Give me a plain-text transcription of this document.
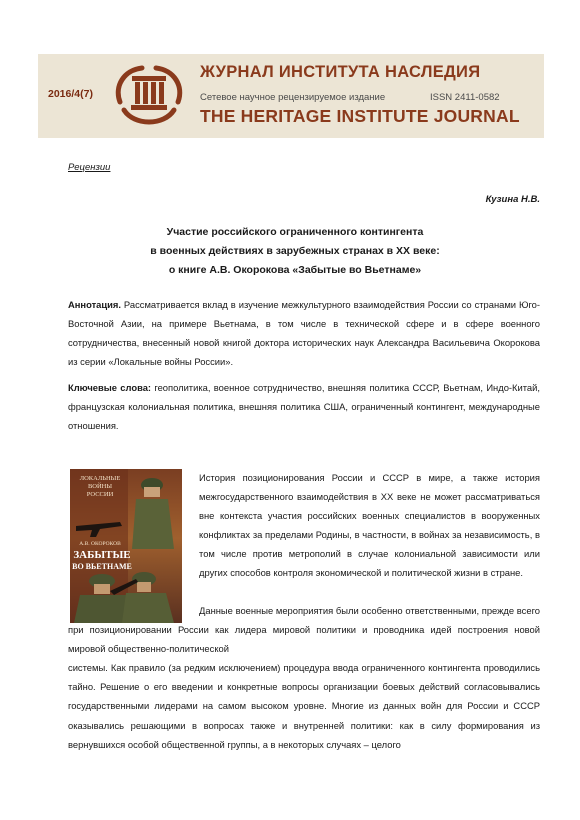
2016/4(7)
ЖУРНАЛ ИНСТИТУТА НАСЛЕДИЯ
Сетевое научное рецензируемое издание	ISSN 2411-0582
THE HERITAGE INSTITUTE JOURNAL
Рецензии
Кузина Н.В.
Участие российского ограниченного контингента
в военных действиях в зарубежных странах в XX веке:
о книге А.В. Окорокова «Забытые во Вьетнаме»
Аннотация. Рассматривается вклад в изучение межкультурного взаимодействия России со странами Юго-Восточной Азии, на примере Вьетнама, в том числе в технической сфере и в сфере военного сотрудничества, внесенный новой книгой доктора исторических наук Александра Васильевича Окорокова из серии «Локальные войны России».
Ключевые слова: геополитика, военное сотрудничество, внешняя политика СССР, Вьетнам, Индо-Китай, французская колониальная политика, внешняя политика США, ограниченный контингент, международные отношения.
ЛОКАЛЬНЫЕ ВОЙНЫ РОССИИ
А.В. ОКОРОКОВ
ЗАБЫТЫЕ
ВО ВЬЕТНАМЕ
История позиционирования России и СССР в мире, а также история межгосударственного взаимодействия в XX веке не может рассматриваться вне контекста участия российских военных специалистов в вооруженных конфликтах за пределами Родины, в частности, в войнах за независимость, в том числе против метрополий в случае колониальной зависимости или других способов контроля экономической и политической жизни в стране.

Данные военные мероприятия были особенно ответственными, прежде всего при позиционировании России как лидера мировой политики и проводника идей построения новой мировой общественно-политической

системы. Как правило (за редким исключением) процедура ввода ограниченного контингента проводились тайно. Решение о его введении и конкретные вопросы организации боевых действий согласовывались государственными лидерами на самом высоком уровне. Многие из данных войн для России и СССР оказывались решающими в вопросах также и внутренней политики: как в силу формирования из вернувшихся особой общественной группы, а в некоторых случаях – целого
